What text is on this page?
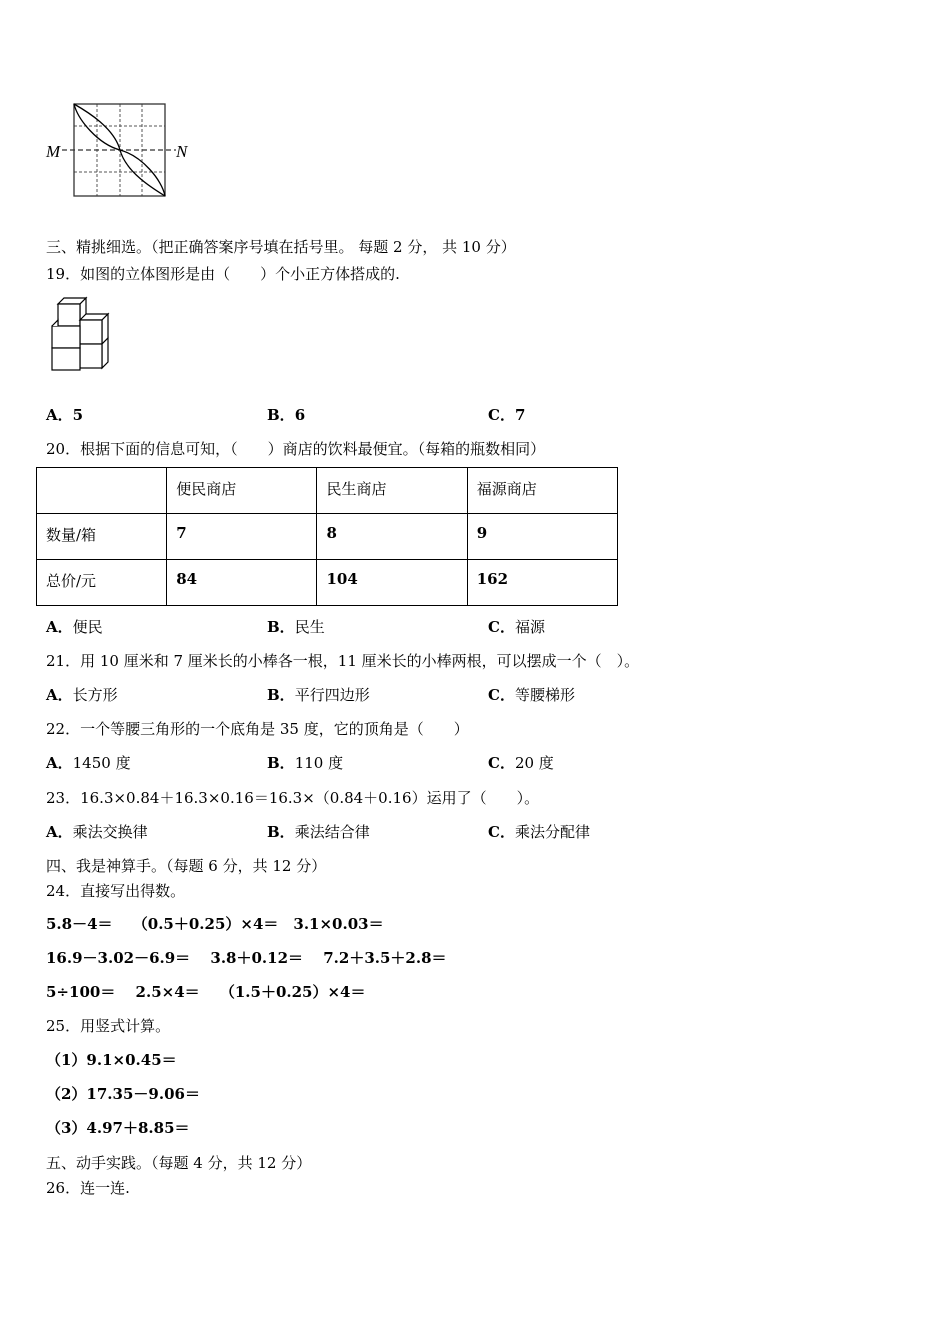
M	N
三、精挑细选。（把正确答案序号填在括号里。 每题 2 分， 共 10 分）
19．如图的立体图形是由（　　）个小正方体搭成的.
A．5	B．6	C．7
20．根据下面的信息可知，（　　）商店的饮料最便宜。（每箱的瓶数相同）
	便民商店	民生商店	福源商店
数量/箱	7	8	9
总价/元	84	104	162
A．便民	B．民生	C．福源
21．用 10 厘米和 7 厘米长的小棒各一根，11 厘米长的小棒两根，可以摆成一个（　）。
A．长方形	B．平行四边形	C．等腰梯形
22．一个等腰三角形的一个底角是 35 度，它的顶角是（　　）
A．1450 度	B．110 度	C．20 度
23．16.3×0.84＋16.3×0.16＝16.3×（0.84＋0.16）运用了（　　）。
A．乘法交换律	B．乘法结合律	C．乘法分配律
四、我是神算手。（每题 6 分，共 12 分）
24．直接写出得数。
5.8－4＝　 （0.5＋0.25）×4＝　3.1×0.03＝
16.9－3.02－6.9＝　 3.8＋0.12＝　 7.2＋3.5＋2.8＝
5÷100＝　 2.5×4＝　 （1.5＋0.25）×4＝
25．用竖式计算。
（1）9.1×0.45＝
（2）17.35－9.06＝
（3）4.97＋8.85＝
五、动手实践。（每题 4 分，共 12 分）
26．连一连.
